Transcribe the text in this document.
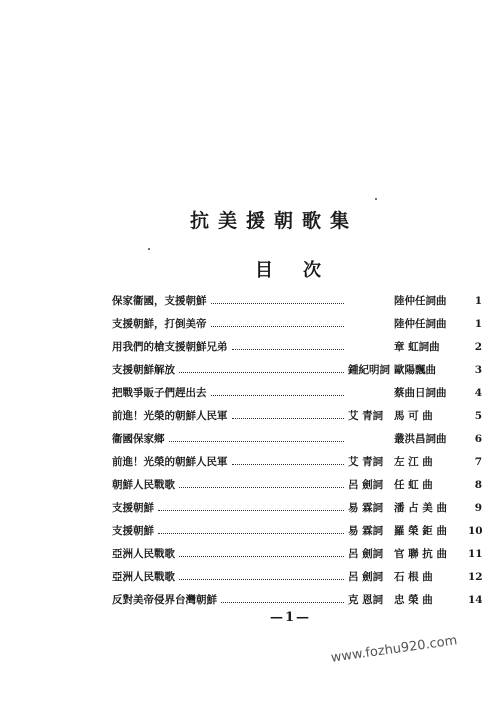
抗美援朝歌集
目次
保家衞國，支援朝鮮	陸仲任詞曲	1
支援朝鮮，打倒美帝	陸仲任詞曲	1
用我們的槍支援朝鮮兄弟	章 虹詞曲	2
支援朝鮮解放	鍾紀明詞 歐陽飄曲	3
把戰爭販子們趕出去	蔡曲日詞曲	4
前進！光榮的朝鮮人民軍	艾 青詞	馬 可 曲	5
衞國保家鄉	叢洪昌詞曲	6
前進！光榮的朝鮮人民軍	艾 青詞	左 江 曲	7
朝鮮人民戰歌	呂 劍詞	任 虹 曲	8
支援朝鮮	易 霖詞	潘 占 美 曲	9
支援朝鮮	易 霖詞	羅 榮 鉅 曲	10
亞洲人民戰歌	呂 劍詞	官 聯 抗 曲	11
亞洲人民戰歌	呂 劍詞	石 根 曲	12
反對美帝侵界台灣朝鮮	克 恩詞	忠 榮 曲	14
—1—
www.fozhu920.com
